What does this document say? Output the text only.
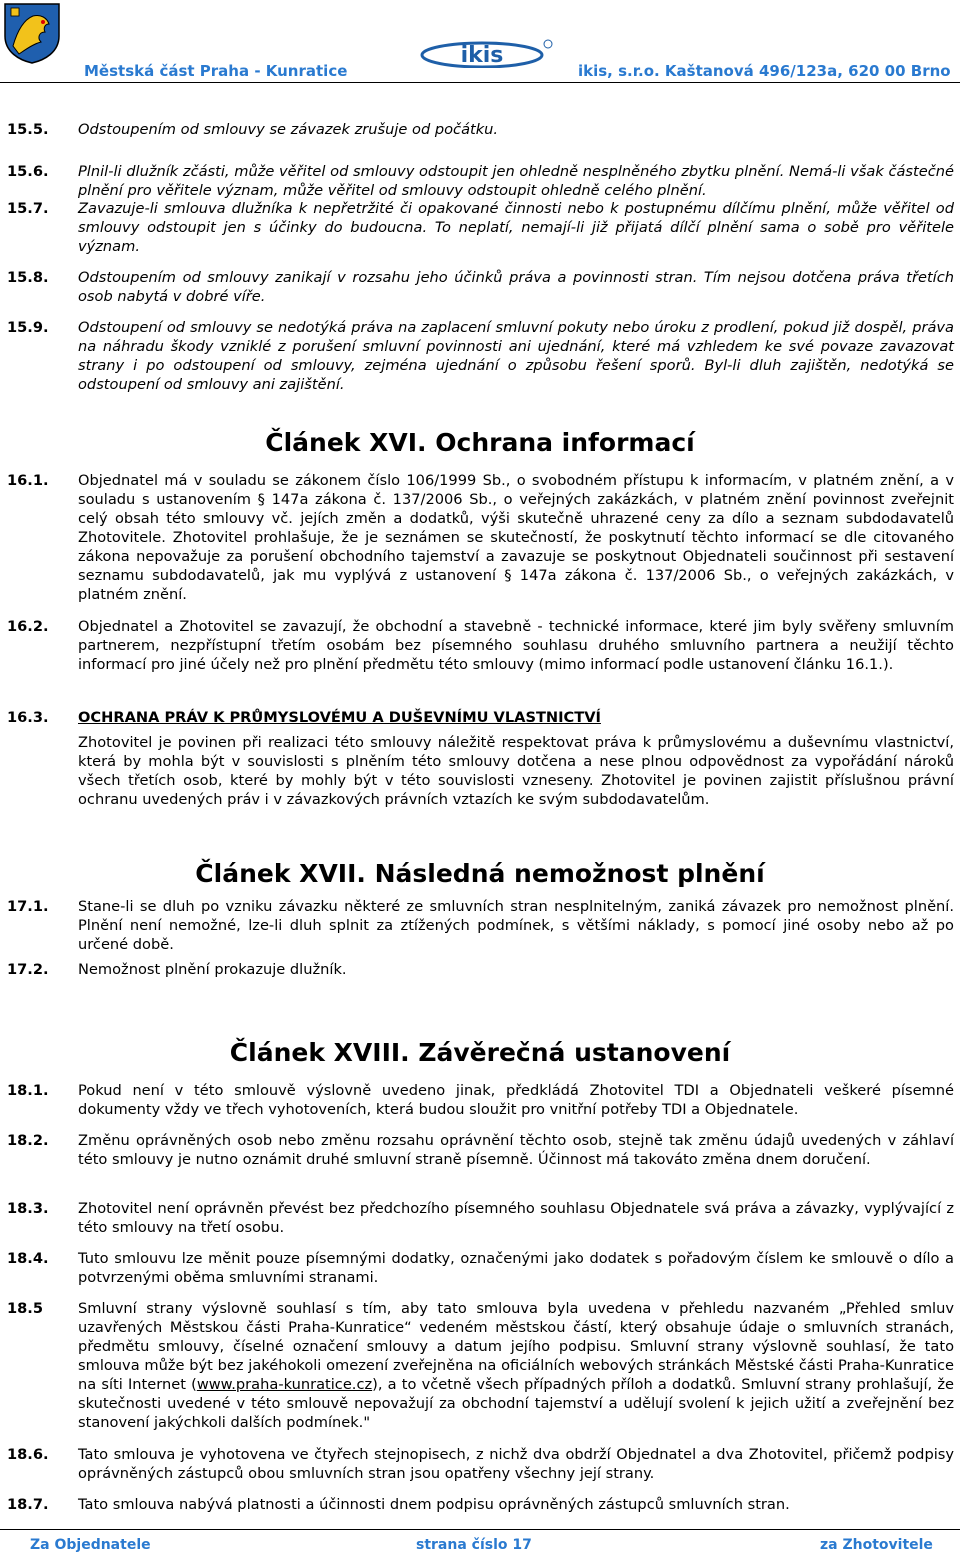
ikis
Městská část Praha - Kunratice	ikis, s.r.o. Kaštanová 496/123a, 620 00 Brno
15.5. Odstoupením od smlouvy se závazek zrušuje od počátku.
15.6. Plnil-li dlužník zčásti, může věřitel od smlouvy odstoupit jen ohledně nesplněného zbytku plnění. Nemá-li však částečné plnění pro věřitele význam, může věřitel od smlouvy odstoupit ohledně celého plnění.
15.7. Zavazuje-li smlouva dlužníka k nepřetržité či opakované činnosti nebo k postupnému dílčímu plnění, může věřitel od smlouvy odstoupit jen s účinky do budoucna. To neplatí, nemají-li již přijatá dílčí plnění sama o sobě pro věřitele význam.
15.8. Odstoupením od smlouvy zanikají v rozsahu jeho účinků práva a povinnosti stran. Tím nejsou dotčena práva třetích osob nabytá v dobré víře.
15.9. Odstoupení od smlouvy se nedotýká práva na zaplacení smluvní pokuty nebo úroku z prodlení, pokud již dospěl, práva na náhradu škody vzniklé z porušení smluvní povinnosti ani ujednání, které má vzhledem ke své povaze zavazovat strany i po odstoupení od smlouvy, zejména ujednání o způsobu řešení sporů. Byl-li dluh zajištěn, nedotýká se odstoupení od smlouvy ani zajištění.
Článek XVI. Ochrana informací
16.1. Objednatel má v souladu se zákonem číslo 106/1999 Sb., o svobodném přístupu k informacím, v platném znění, a v souladu s ustanovením § 147a zákona č. 137/2006 Sb., o veřejných zakázkách, v platném znění povinnost zveřejnit celý obsah této smlouvy vč. jejích změn a dodatků, výši skutečně uhrazené ceny za dílo a seznam subdodavatelů Zhotovitele. Zhotovitel prohlašuje, že je seznámen se skutečností, že poskytnutí těchto informací se dle citovaného zákona nepovažuje za porušení obchodního tajemství a zavazuje se poskytnout Objednateli součinnost při sestavení seznamu subdodavatelů, jak mu vyplývá z ustanovení § 147a zákona č. 137/2006 Sb., o veřejných zakázkách, v platném znění.
16.2. Objednatel a Zhotovitel se zavazují, že obchodní a stavebně - technické informace, které jim byly svěřeny smluvním partnerem, nezpřístupní třetím osobám bez písemného souhlasu druhého smluvního partnera a neužijí těchto informací pro jiné účely než pro plnění předmětu této smlouvy (mimo informací podle ustanovení článku 16.1.).
16.3. OCHRANA PRÁV K PRŮMYSLOVÉMU A DUŠEVNÍMU VLASTNICTVÍ
Zhotovitel je povinen při realizaci této smlouvy náležitě respektovat práva k průmyslovému a duševnímu vlastnictví, která by mohla být v souvislosti s plněním této smlouvy dotčena a nese plnou odpovědnost za vypořádání nároků všech třetích osob, které by mohly být v této souvislosti vzneseny. Zhotovitel je povinen zajistit příslušnou právní ochranu uvedených práv i v závazkových právních vztazích ke svým subdodavatelům.
Článek XVII. Následná nemožnost plnění
17.1. Stane-li se dluh po vzniku závazku některé ze smluvních stran nesplnitelným, zaniká závazek pro nemožnost plnění. Plnění není nemožné, lze-li dluh splnit za ztížených podmínek, s většími náklady, s pomocí jiné osoby nebo až po určené době.
17.2. Nemožnost plnění prokazuje dlužník.
Článek XVIII. Závěrečná ustanovení
18.1. Pokud není v této smlouvě výslovně uvedeno jinak, předkládá Zhotovitel TDI a Objednateli veškeré písemné dokumenty vždy ve třech vyhotoveních, která budou sloužit pro vnitřní potřeby TDI a Objednatele.
18.2. Změnu oprávněných osob nebo změnu rozsahu oprávnění těchto osob, stejně tak změnu údajů uvedených v záhlaví této smlouvy je nutno oznámit druhé smluvní straně písemně. Účinnost má takováto změna dnem doručení.
18.3. Zhotovitel není oprávněn převést bez předchozího písemného souhlasu Objednatele svá práva a závazky, vyplývající z této smlouvy na třetí osobu.
18.4. Tuto smlouvu lze měnit pouze písemnými dodatky, označenými jako dodatek s pořadovým číslem ke smlouvě o dílo a potvrzenými oběma smluvními stranami.
18.5 Smluvní strany výslovně souhlasí s tím, aby tato smlouva byla uvedena v přehledu nazvaném „Přehled smluv uzavřených Městskou části Praha-Kunratice“ vedeném městskou částí, který obsahuje údaje o smluvních stranách, předmětu smlouvy, číselné označení smlouvy a datum jejího podpisu. Smluvní strany výslovně souhlasí, že tato smlouva může být bez jakéhokoli omezení zveřejněna na oficiálních webových stránkách Městské části Praha-Kunratice na síti Internet (www.praha-kunratice.cz), a to včetně všech případných příloh a dodatků. Smluvní strany prohlašují, že skutečnosti uvedené v této smlouvě nepovažují za obchodní tajemství a udělují svolení k jejich užití a zveřejnění bez stanovení jakýchkoli dalších podmínek."
18.6. Tato smlouva je vyhotovena ve čtyřech stejnopisech, z nichž dva obdrží Objednatel a dva Zhotovitel, přičemž podpisy oprávněných zástupců obou smluvních stran jsou opatřeny všechny její strany.
18.7. Tato smlouva nabývá platnosti a účinnosti dnem podpisu oprávněných zástupců smluvních stran.
Za Objednatele	strana číslo 17	za Zhotovitele
